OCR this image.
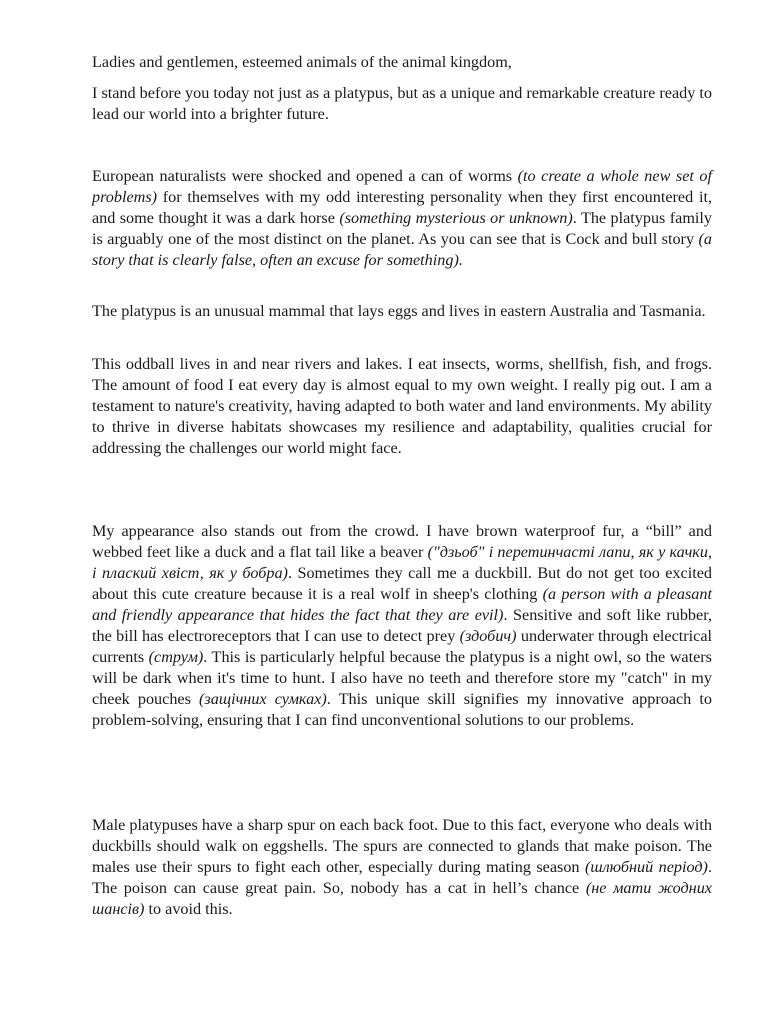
Ladies and gentlemen, esteemed animals of the animal kingdom,

I stand before you today not just as a platypus, but as a unique and remarkable creature ready to lead our world into a brighter future.

European naturalists were shocked and opened a can of worms (to create a whole new set of problems) for themselves with my odd interesting personality when they first encountered it, and some thought it was a dark horse (something mysterious or unknown). The platypus family is arguably one of the most distinct on the planet. As you can see that is Cock and bull story (a story that is clearly false, often an excuse for something).

The platypus is an unusual mammal that lays eggs and lives in eastern Australia and Tasmania.

This oddball lives in and near rivers and lakes. I eat insects, worms, shellfish, fish, and frogs. The amount of food I eat every day is almost equal to my own weight. I really pig out. I am a testament to nature's creativity, having adapted to both water and land environments. My ability to thrive in diverse habitats showcases my resilience and adaptability, qualities crucial for addressing the challenges our world might face.

My appearance also stands out from the crowd. I have brown waterproof fur, a “bill” and webbed feet like a duck and a flat tail like a beaver ("дзьоб" і перетинчасті лапи, як у качки, і плаский хвіст, як у бобра). Sometimes they call me a duckbill. But do not get too excited about this cute creature because it is a real wolf in sheep's clothing (a person with a pleasant and friendly appearance that hides the fact that they are evil). Sensitive and soft like rubber, the bill has electroreceptors that I can use to detect prey (здобич) underwater through electrical currents (струм). This is particularly helpful because the platypus is a night owl, so the waters will be dark when it's time to hunt. I also have no teeth and therefore store my "catch" in my cheek pouches (защічних сумках). This unique skill signifies my innovative approach to problem-solving, ensuring that I can find unconventional solutions to our problems.

Male platypuses have a sharp spur on each back foot. Due to this fact, everyone who deals with duckbills should walk on eggshells. The spurs are connected to glands that make poison. The males use their spurs to fight each other, especially during mating season (шлюбний період). The poison can cause great pain. So, nobody has a cat in hell’s chance (не мати жодних шансів) to avoid this.
